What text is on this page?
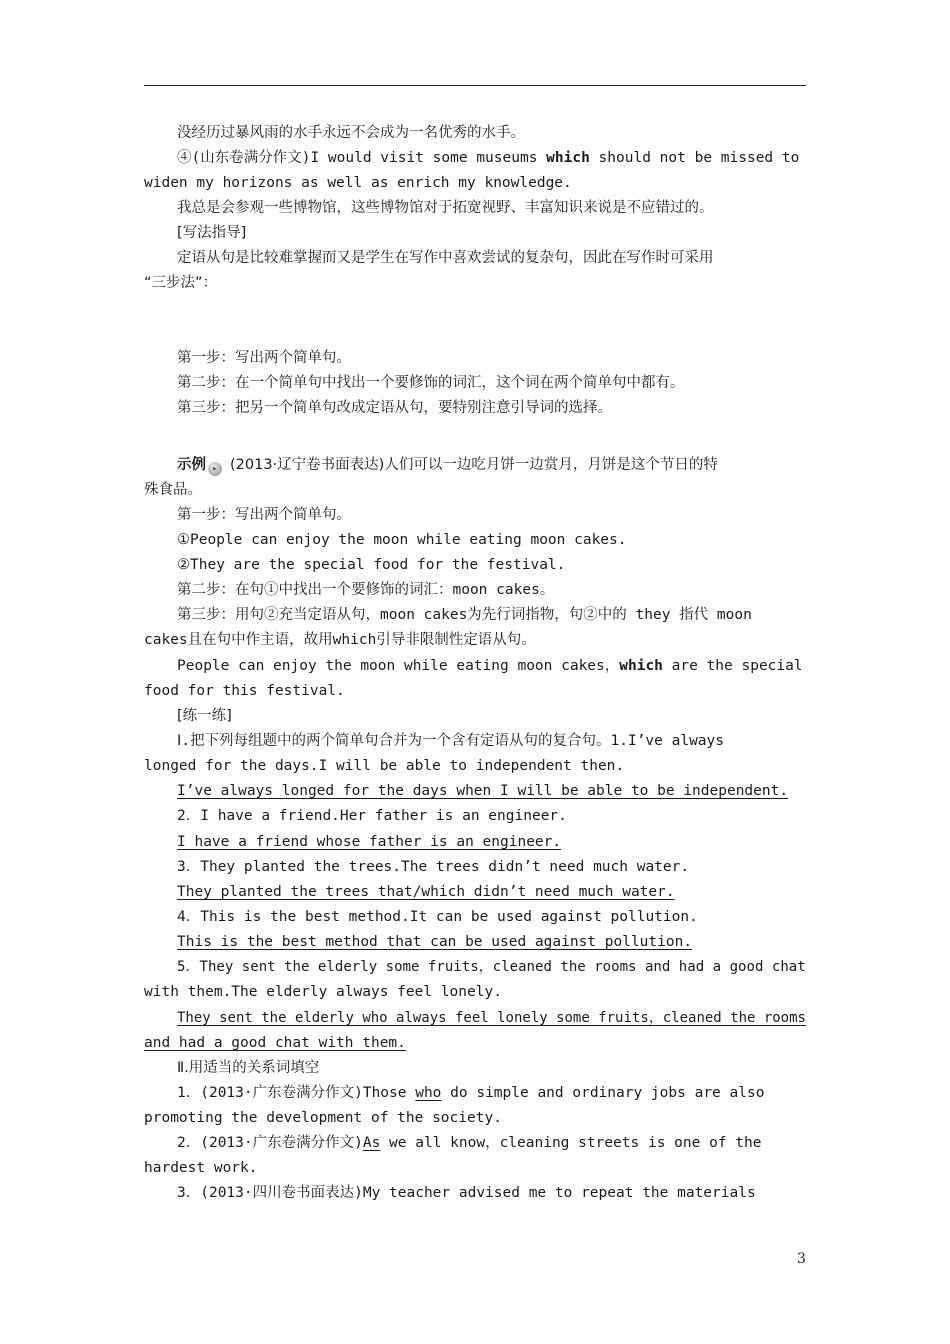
没经历过暴风雨的水手永远不会成为一名优秀的水手。
④(山东卷满分作文)I would visit some museums which should not be missed to
widen my horizons as well as enrich my knowledge.
我总是会参观一些博物馆，这些博物馆对于拓宽视野、丰富知识来说是不应错过的。
[写法指导]
定语从句是比较难掌握而又是学生在写作中喜欢尝试的复杂句，因此在写作时可采用
“三步法”：
第一步：写出两个简单句。
第二步：在一个简单句中找出一个要修饰的词汇，这个词在两个简单句中都有。
第三步：把另一个简单句改成定语从句，要特别注意引导词的选择。
示例 ▸ (2013·辽宁卷书面表达)人们可以一边吃月饼一边赏月，月饼是这个节日的特
殊食品。
第一步：写出两个简单句。
①People can enjoy the moon while eating moon cakes.
②They are the special food for the festival.
第二步：在句①中找出一个要修饰的词汇：moon cakes。
第三步：用句②充当定语从句，moon cakes为先行词指物，句②中的 they 指代 moon
cakes且在句中作主语，故用which引导非限制性定语从句。
People can enjoy the moon while eating moon cakes，which are the special
food for this festival.
[练一练]
Ⅰ.把下列每组题中的两个简单句合并为一个含有定语从句的复合句。1.I’ve always
longed for the days.I will be able to independent then.
I’ve always longed for the days when I will be able to be independent.
2．I have a friend.Her father is an engineer.
I have a friend whose father is an engineer.
3．They planted the trees.The trees didn’t need much water.
They planted the trees that/which didn’t need much water.
4．This is the best method.It can be used against pollution.
This is the best method that can be used against pollution.
5．They sent the elderly some fruits，cleaned the rooms and had a good chat
with them.The elderly always feel lonely.
They sent the elderly who always feel lonely some fruits，cleaned the rooms
and had a good chat with them.
Ⅱ.用适当的关系词填空
1．(2013·广东卷满分作文)Those who do simple and ordinary jobs are also
promoting the development of the society.
2．(2013·广东卷满分作文)As we all know，cleaning streets is one of the
hardest work.
3．(2013·四川卷书面表达)My teacher advised me to repeat the materials
3
